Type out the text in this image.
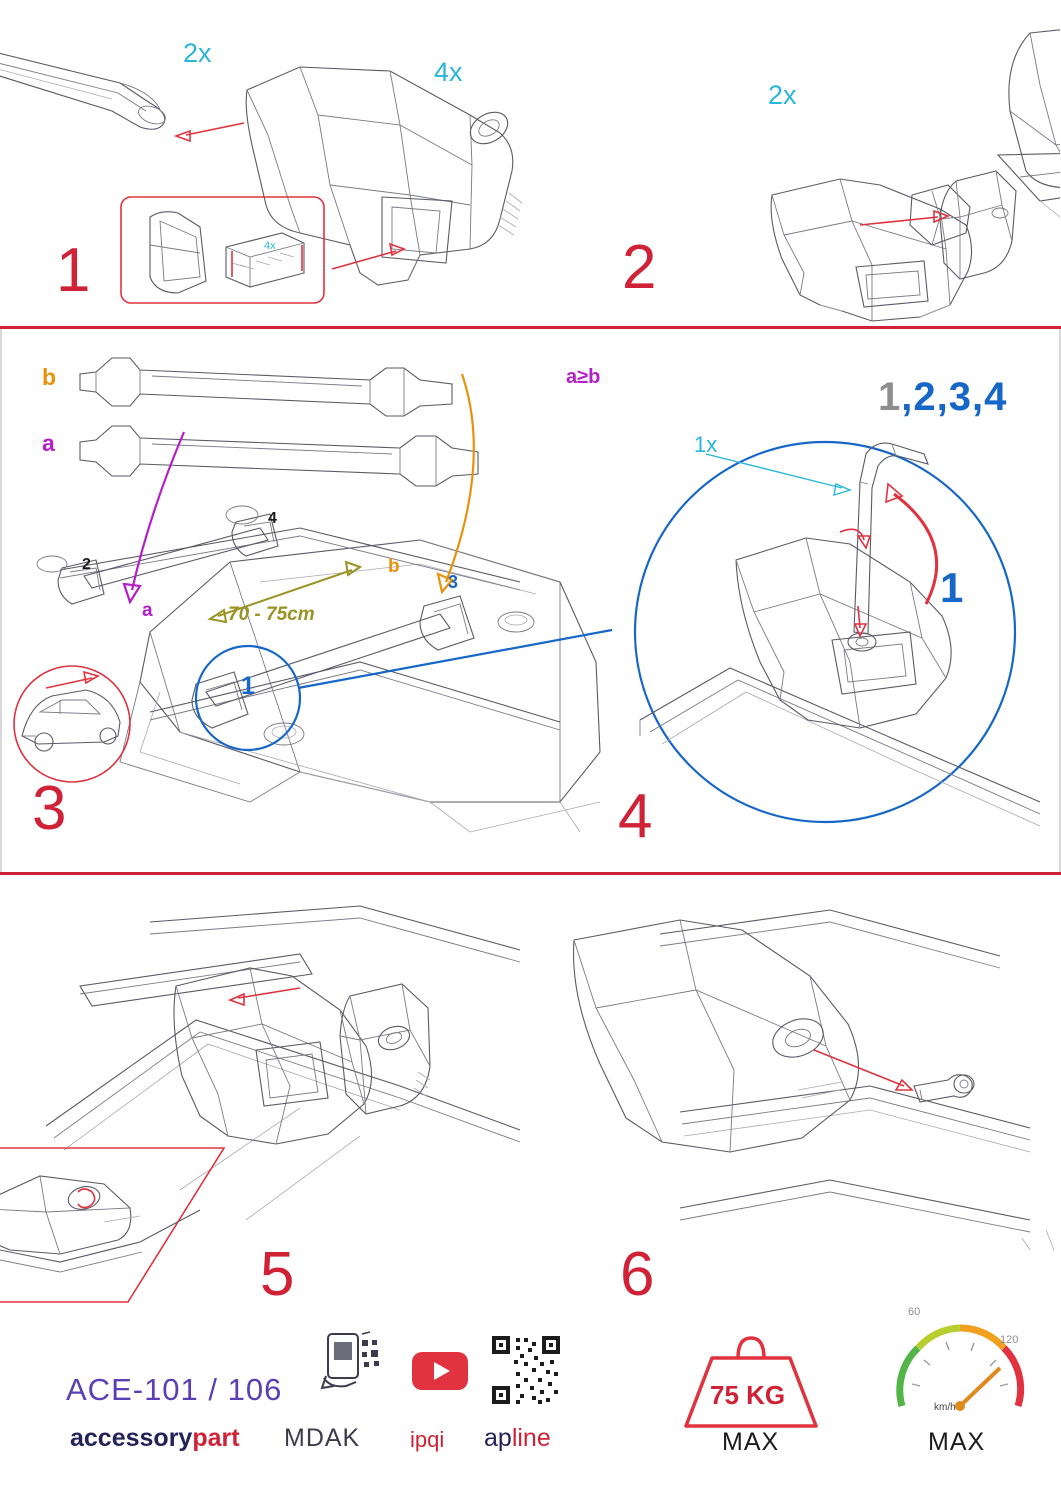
2x
4x
4x
1
2x
2
b
a
a
b
70 - 75cm
2
4
3
1
a≥b
3
1x
1,2,3,4
1
4
5	6
ACE-101 / 106
accessorypart MDAK ipqi apline
75 KG
MAX
60
120
km/h
MAX
